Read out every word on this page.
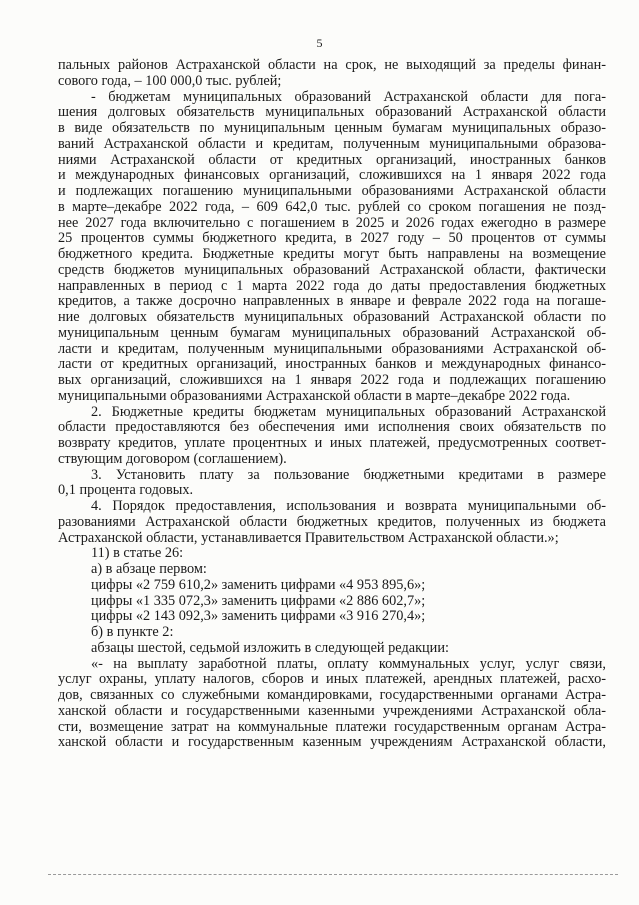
5
пальных районов Астраханской области на срок, не выходящий за пределы финан-
сового года, – 100 000,0 тыс. рублей;
- бюджетам муниципальных образований Астраханской области для пога-
шения долговых обязательств муниципальных образований Астраханской области
в виде обязательств по муниципальным ценным бумагам муниципальных образо-
ваний Астраханской области и кредитам, полученным муниципальными образова-
ниями Астраханской области от кредитных организаций, иностранных банков
и международных финансовых организаций, сложившихся на 1 января 2022 года
и подлежащих погашению муниципальными образованиями Астраханской области
в марте–декабре 2022 года, – 609 642,0 тыс. рублей со сроком погашения не позд-
нее 2027 года включительно с погашением в 2025 и 2026 годах ежегодно в размере
25 процентов суммы бюджетного кредита, в 2027 году – 50 процентов от суммы
бюджетного кредита. Бюджетные кредиты могут быть направлены на возмещение
средств бюджетов муниципальных образований Астраханской области, фактически
направленных в период с 1 марта 2022 года до даты предоставления бюджетных
кредитов, а также досрочно направленных в январе и феврале 2022 года на погаше-
ние долговых обязательств муниципальных образований Астраханской области по
муниципальным ценным бумагам муниципальных образований Астраханской об-
ласти и кредитам, полученным муниципальными образованиями Астраханской об-
ласти от кредитных организаций, иностранных банков и международных финансо-
вых организаций, сложившихся на 1 января 2022 года и подлежащих погашению
муниципальными образованиями Астраханской области в марте–декабре 2022 года.
2. Бюджетные кредиты бюджетам муниципальных образований Астраханской
области предоставляются без обеспечения ими исполнения своих обязательств по
возврату кредитов, уплате процентных и иных платежей, предусмотренных соответ-
ствующим договором (соглашением).
3. Установить плату за пользование бюджетными кредитами в размере
0,1 процента годовых.
4. Порядок предоставления, использования и возврата муниципальными об-
разованиями Астраханской области бюджетных кредитов, полученных из бюджета
Астраханской области, устанавливается Правительством Астраханской области.»;
11) в статье 26:
а) в абзаце первом:
цифры «2 759 610,2» заменить цифрами «4 953 895,6»;
цифры «1 335 072,3» заменить цифрами «2 886 602,7»;
цифры «2 143 092,3» заменить цифрами «3 916 270,4»;
б) в пункте 2:
абзацы шестой, седьмой изложить в следующей редакции:
«- на выплату заработной платы, оплату коммунальных услуг, услуг связи,
услуг охраны, уплату налогов, сборов и иных платежей, арендных платежей, расхо-
дов, связанных со служебными командировками, государственными органами Астра-
ханской области и государственными казенными учреждениями Астраханской обла-
сти, возмещение затрат на коммунальные платежи государственным органам Астра-
ханской области и государственным казенным учреждениям Астраханской области,
